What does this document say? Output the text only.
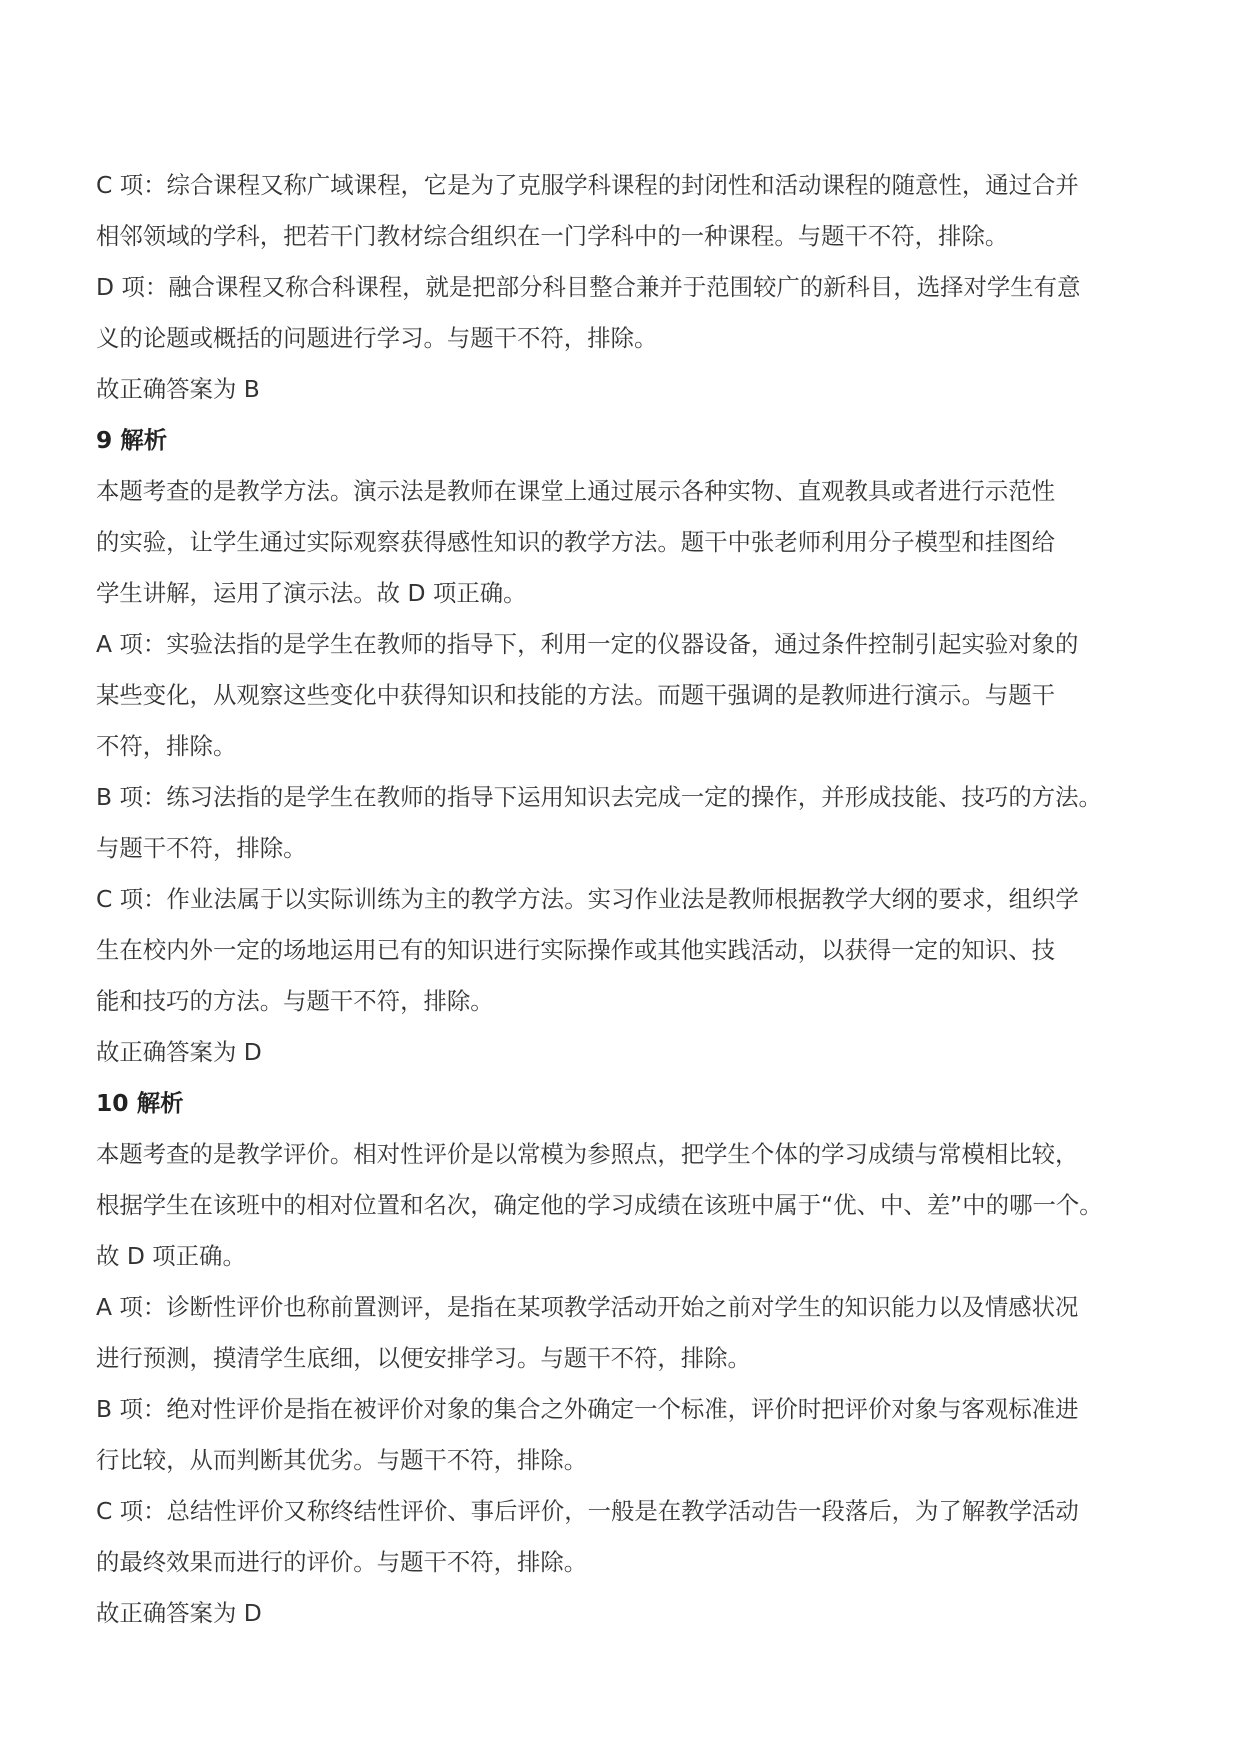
C 项：综合课程又称广域课程，它是为了克服学科课程的封闭性和活动课程的随意性，通过合并
相邻领域的学科，把若干门教材综合组织在一门学科中的一种课程。与题干不符，排除。
D 项：融合课程又称合科课程，就是把部分科目整合兼并于范围较广的新科目，选择对学生有意
义的论题或概括的问题进行学习。与题干不符，排除。
故正确答案为 B
9 解析
本题考查的是教学方法。演示法是教师在课堂上通过展示各种实物、直观教具或者进行示范性
的实验，让学生通过实际观察获得感性知识的教学方法。题干中张老师利用分子模型和挂图给
学生讲解，运用了演示法。故 D 项正确。
A 项：实验法指的是学生在教师的指导下，利用一定的仪器设备，通过条件控制引起实验对象的
某些变化，从观察这些变化中获得知识和技能的方法。而题干强调的是教师进行演示。与题干
不符，排除。
B 项：练习法指的是学生在教师的指导下运用知识去完成一定的操作，并形成技能、技巧的方法。
与题干不符，排除。
C 项：作业法属于以实际训练为主的教学方法。实习作业法是教师根据教学大纲的要求，组织学
生在校内外一定的场地运用已有的知识进行实际操作或其他实践活动，以获得一定的知识、技
能和技巧的方法。与题干不符，排除。
故正确答案为 D
10 解析
本题考查的是教学评价。相对性评价是以常模为参照点，把学生个体的学习成绩与常模相比较，
根据学生在该班中的相对位置和名次，确定他的学习成绩在该班中属于“优、中、差”中的哪一个。
故 D 项正确。
A 项：诊断性评价也称前置测评，是指在某项教学活动开始之前对学生的知识能力以及情感状况
进行预测，摸清学生底细，以便安排学习。与题干不符，排除。
B 项：绝对性评价是指在被评价对象的集合之外确定一个标准，评价时把评价对象与客观标准进
行比较，从而判断其优劣。与题干不符，排除。
C 项：总结性评价又称终结性评价、事后评价，一般是在教学活动告一段落后，为了解教学活动
的最终效果而进行的评价。与题干不符，排除。
故正确答案为 D
